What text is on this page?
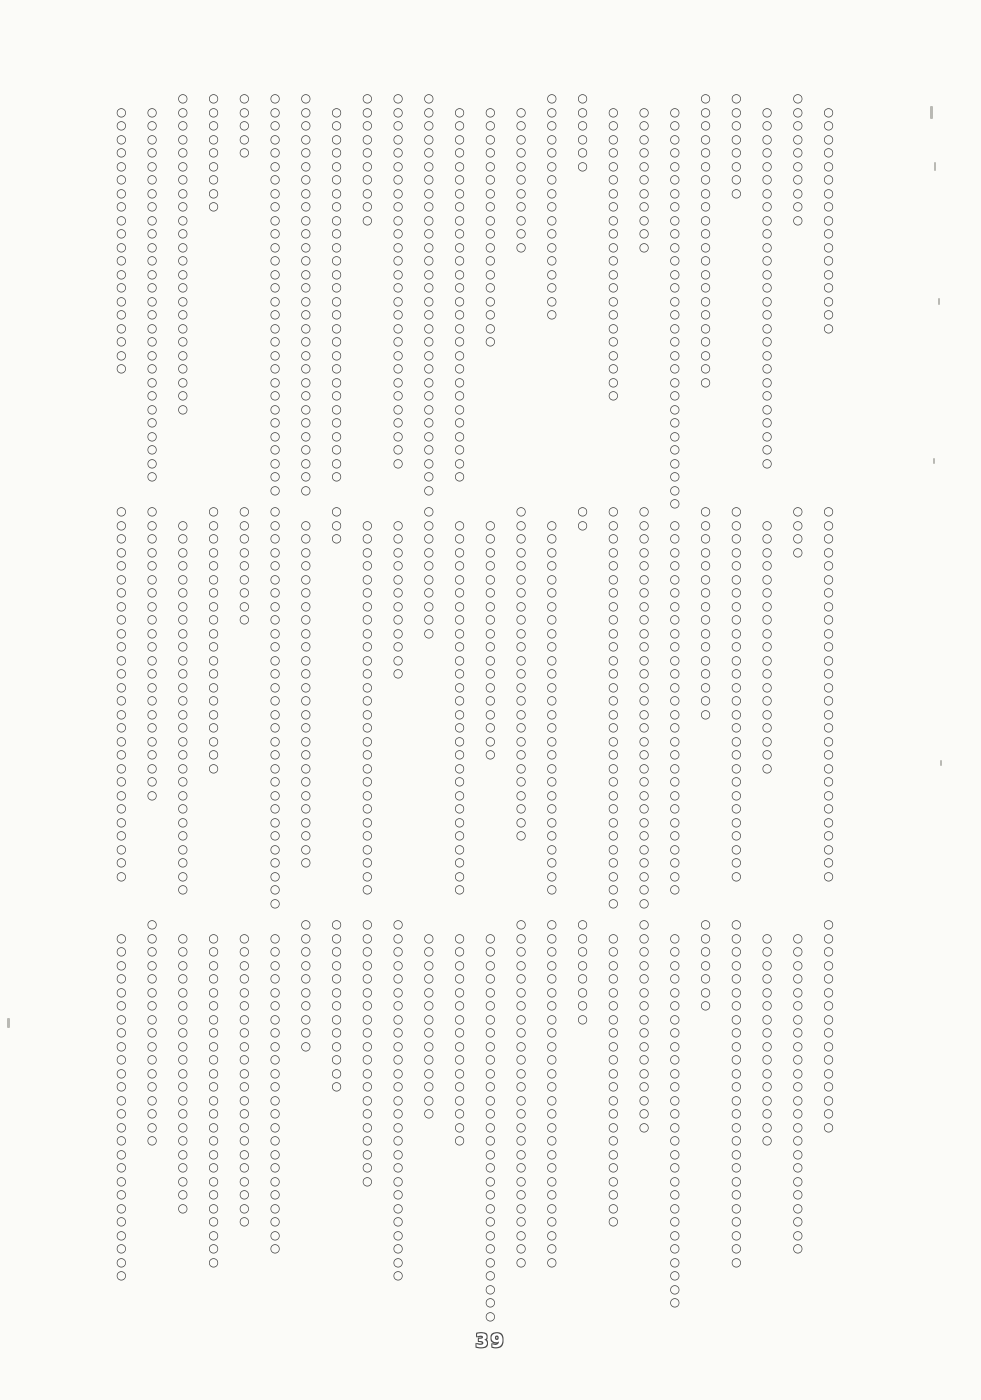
○
○
○
○
○
○
○
○
○
○
○
○
○
○
○
○
○
○
○
○
○
○
○
○
○
○
○
○
○
○
○
○
○
○
○
○
○
○
○
○
○
○
○
○
○
○
○
○
○
○
○
○
○
○
○
○
○
○
○
○
○
○
○
○
○
○
○
○
○
○
○
○
○
○
○
○
○
○
○
○
○
○
○
○
○
○
○
○
○
○
○
○
○
○
○
○
○
○
○
○
○
○
○
○
○
○
○
○
○
○
○
○
○
○
○
○
○
○
○
○
○
○
○
○
○
○
○
○
○
○
○
○
○
○
○
○
○
○
○
○
○
○
○
○
○
○
○
○
○
○
○
○
○
○
○
○
○
○
○
○
○
○
○
○
○
○
○
○
○
○
○
○
○
○
○
○
○
○
○
○
○
○
○
○
○
○
○
○
○
○
○
○
○
○
○
○
○
○
○
○
○
○
○
○
○
○
○
○
○
○
○
○
○
○
○
○
○
○
○
○
○
○
○
○
○
○
○
○
○
○
○
○
○
○
○
○
○
○
○
○
○
○
○
○
○
○
○
○
○
○
○
○
○
○
○
○
○
○
○
○
○
○
○
○
○
○
○
○
○
○
○
○
○
○
○
○
○
○
○
○
○
○
○
○
○
○
○
○
○
○
○
○
○
○
○
○
○
○
○
○
○
○
○
○
○
○
○
○
○
○
○
○
○
○
○
○
○
○
○
○
○
○
○
○
○
○
○
○
○
○
○
○
○
○
○
○
○
○
○
○
○
○
○
○
○
○
○
○
○
○
○
○
○
○
○
○
○
○
○
○
○
○
○
○
○
○
○
○
○
○
○
○
○
○
○
○
○
○
○
○
○
○
○
○
○
○
○
○
○
○
○
○
○
○
○
○
○
○
○
○
○
○
○
○
○
○
○
○
○
○
○
○
○
○
○
○
○
○
○
○
○
○
○
○
○
○
○
○
○
○
○
○
○
○
○
○
○
○
○
○
○
○
○
○
○
○
○
○
○
○
○
○
○
○
○
○
○
○
○
○
○
○
○
○
○
○
○
○
○
○
○
○
○
○
○
○
○
○
○
○
○
○
○
○
○
○
○
○
○
○
○
○
○
○
○
○
○
○
○
○
○
○
○
○
○
○
○
○
○
○
○
○
○
○
○
○
○
○
○
○
○
○
○
○
○
○
○
○
○
○
○
○
○
○
○
○
○
○
○
○
○
○
○
○
○
○
○
○
○
○
○
○
○
○
○
○
○
○
○
○
○
○
○
○
○
○
○
○
○
○
○
○
○
○
○
○
○
○
○
○
○
○
○
○
○
○
○
○
○
○
○
○
○
○
○
○
○
○
○
○
○
○
○
○
○
○
○
○
○
○
○
○
○
○
○
○
○
○
○
○
○
○
○
○
○
○
○
○
○
○
○
○
○
○
○
○
○
○
○
○
○
○
○
○
○
○
○
○
○
○
○
○
○
○
○
○
○
○
○
○
○
○
○
○
○
○
○
○
○
○
○
○
○
○
○
○
○
○
○
○
○
○
○
○
○
○
○
○
○
○
○
○
○
○
○
○
○
○
○
○
○
○
○
○
○
○
○
○
○
○
○
○
○
○
○
○
○
○
○
○
○
○
○
○
○
○
○
○
○
○
○
○
○
○
○
○
○
○
○
○
○
○
○
○
○
○
○
○
○
○
○
○
○
○
○
○
○
○
○
○
○
○
○
○
○
○
○
○
○
○
○
○
○
○
○
○
○
○
○
○
○
○
○
○
○
○
○
○
○
○
○
○
○
○
○
○
○
○
○
○
○
○
○
○
○
○
○
○
○
○
○
○
○
○
○
○
○
○
○
○
○
○
○
○
○
○
○
○
○
○
○
○
○
○
○
○
○
○
○
○
○
○
○
○
○
○
○
○
○
○
○
○
○
○
○
○
○
○
○
○
○
○
○
○
○
○
○
○
○
○
○
○
○
○
○
○
○
○
○
○
○
○
○
○
○
○
○
○
○
○
○
○
○
○
○
○
○
○
○
○
○
○
○
○
○
○
○
○
○
○
○
○
○
○
○
○
○
○
○
○
○
○
○
○
○
○
○
○
○
○
○
○
○
○
○
○
○
○
○
○
○
○
○
○
○
○
○
○
○
○
○
○
○
○
○
○
○
○
○
○
○
○
○
○
○
○
○
○
○
○
○
○
○
○
○
○
○
○
○
○
○
○
○
○
○
○
○
○
○
○
○
○
○
○
○
○
○
○
○
○
○
○
○
○
○
○
○
○
○
○
○
○
○
○
○
○
○
○
○
○
○
○
○
○
○
○
○
○
○
○
○
○
○
○
○
○
○
○
○
○
○
○
○
○
○
○
○
○
○
○
○
○
○
○
○
○
○
○
○
○
○
○
○
○
○
○
○
○
○
○
○
○
○
○
○
○
○
○
○
○
○
○
○
○
○
○
○
○
○
○
○
○
○
○
○
○
○
○
○
○
○
○
○
○
○
○
○
○
○
○
○
○
○
○
○
○
○
○
○
○
○
○
○
○
○
○
○
○
○
○
○
○
○
○
○
○
○
○
○
○
○
○
○
○
○
○
○
○
○
○
○
○
○
○
○
○
○
○
○
○
○
○
○
○
○
○
○
○
○
○
○
○
○
○
○
○
○
○
○
○
○
○
○
○
○
○
○
○
○
○
○
○
○
○
○
○
○
○
○
○
○
○
○
○
○
○
○
○
○
○
○
○
○
○
○
○
○
○
○
○
○
○
○
○
○
○
○
○
○
○
○
○
○
○
○
○
○
○
○
○
○
○
○
○
○
○
○
○
○
○
○
○
○
○
○
○
○
○
○
○
○
○
○
○
○
○
○
○
○
○
○
○
○
○
○
○
○
○
○
○
○
○
○
○
○
○
○
○
○
○
○
○
○
○
○
○
○
○
○
○
○
○
○
○
○
○
○
○
○
○
○
○
○
○
○
○
○
○
○
○
○
○
○
○
○
○
○
○
○
○
○
○
○
○
○
○
○
○
○
○
○
○
○
○
○
○
○
○
○
○
○
○
○
○
○
○
○
○
○
○
○
○
○
○
○
○
○
○
○
○
○
○
○
○
○
○
○
○
○
○
○
○
○
○
○
○
○
○
○
○
○
○
○
○
○
○
○
○
○
○
○
○
○
○
○
○
○
○
○
○
○
○
○
○
○
○
○
○
○
○
○
○
○
○
○
○
○
○
○
○
○
○
○
○
○
○
○
○
○
○
○
○
○
○
○
○
○
○
39
